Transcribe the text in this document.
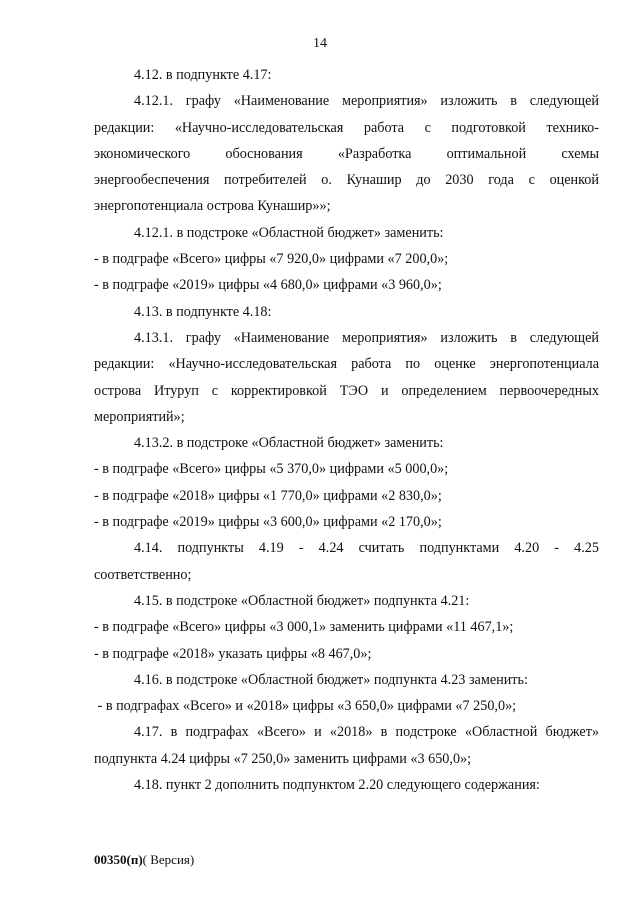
14

4.12. в подпункте 4.17:

4.12.1. графу «Наименование мероприятия» изложить в следующей

редакции: «Научно-исследовательская работа с подготовкой технико-

экономического обоснования «Разработка оптимальной схемы

энергообеспечения потребителей о. Кунашир до 2030 года с оценкой

энергопотенциала острова Кунашир»»;

4.12.1. в подстроке «Областной бюджет» заменить:

- в подграфе «Всего» цифры «7 920,0» цифрами «7 200,0»;

- в подграфе «2019» цифры «4 680,0» цифрами «3 960,0»;

4.13. в подпункте 4.18:

4.13.1. графу «Наименование мероприятия» изложить в следующей

редакции: «Научно-исследовательская работа по оценке энергопотенциала

острова Итуруп с корректировкой ТЭО и определением первоочередных

мероприятий»;

4.13.2. в подстроке «Областной бюджет» заменить:

- в подграфе «Всего» цифры «5 370,0» цифрами «5 000,0»;

- в подграфе «2018» цифры «1 770,0» цифрами «2 830,0»;

- в подграфе «2019» цифры «3 600,0» цифрами «2 170,0»;

4.14. подпункты 4.19 - 4.24 считать подпунктами 4.20 - 4.25

соответственно;

4.15. в подстроке «Областной бюджет» подпункта 4.21:

- в подграфе «Всего» цифры «3 000,1» заменить цифрами «11 467,1»;

- в подграфе «2018» указать цифры «8 467,0»;

4.16. в подстроке «Областной бюджет» подпункта 4.23 заменить:

- в подграфах «Всего» и «2018» цифры «3 650,0» цифрами «7 250,0»;

4.17. в подграфах «Всего» и «2018» в подстроке «Областной бюджет»

подпункта 4.24 цифры «7 250,0» заменить цифрами «3 650,0»;

4.18. пункт 2 дополнить подпунктом 2.20 следующего содержания:

00350(п)( Версия)
